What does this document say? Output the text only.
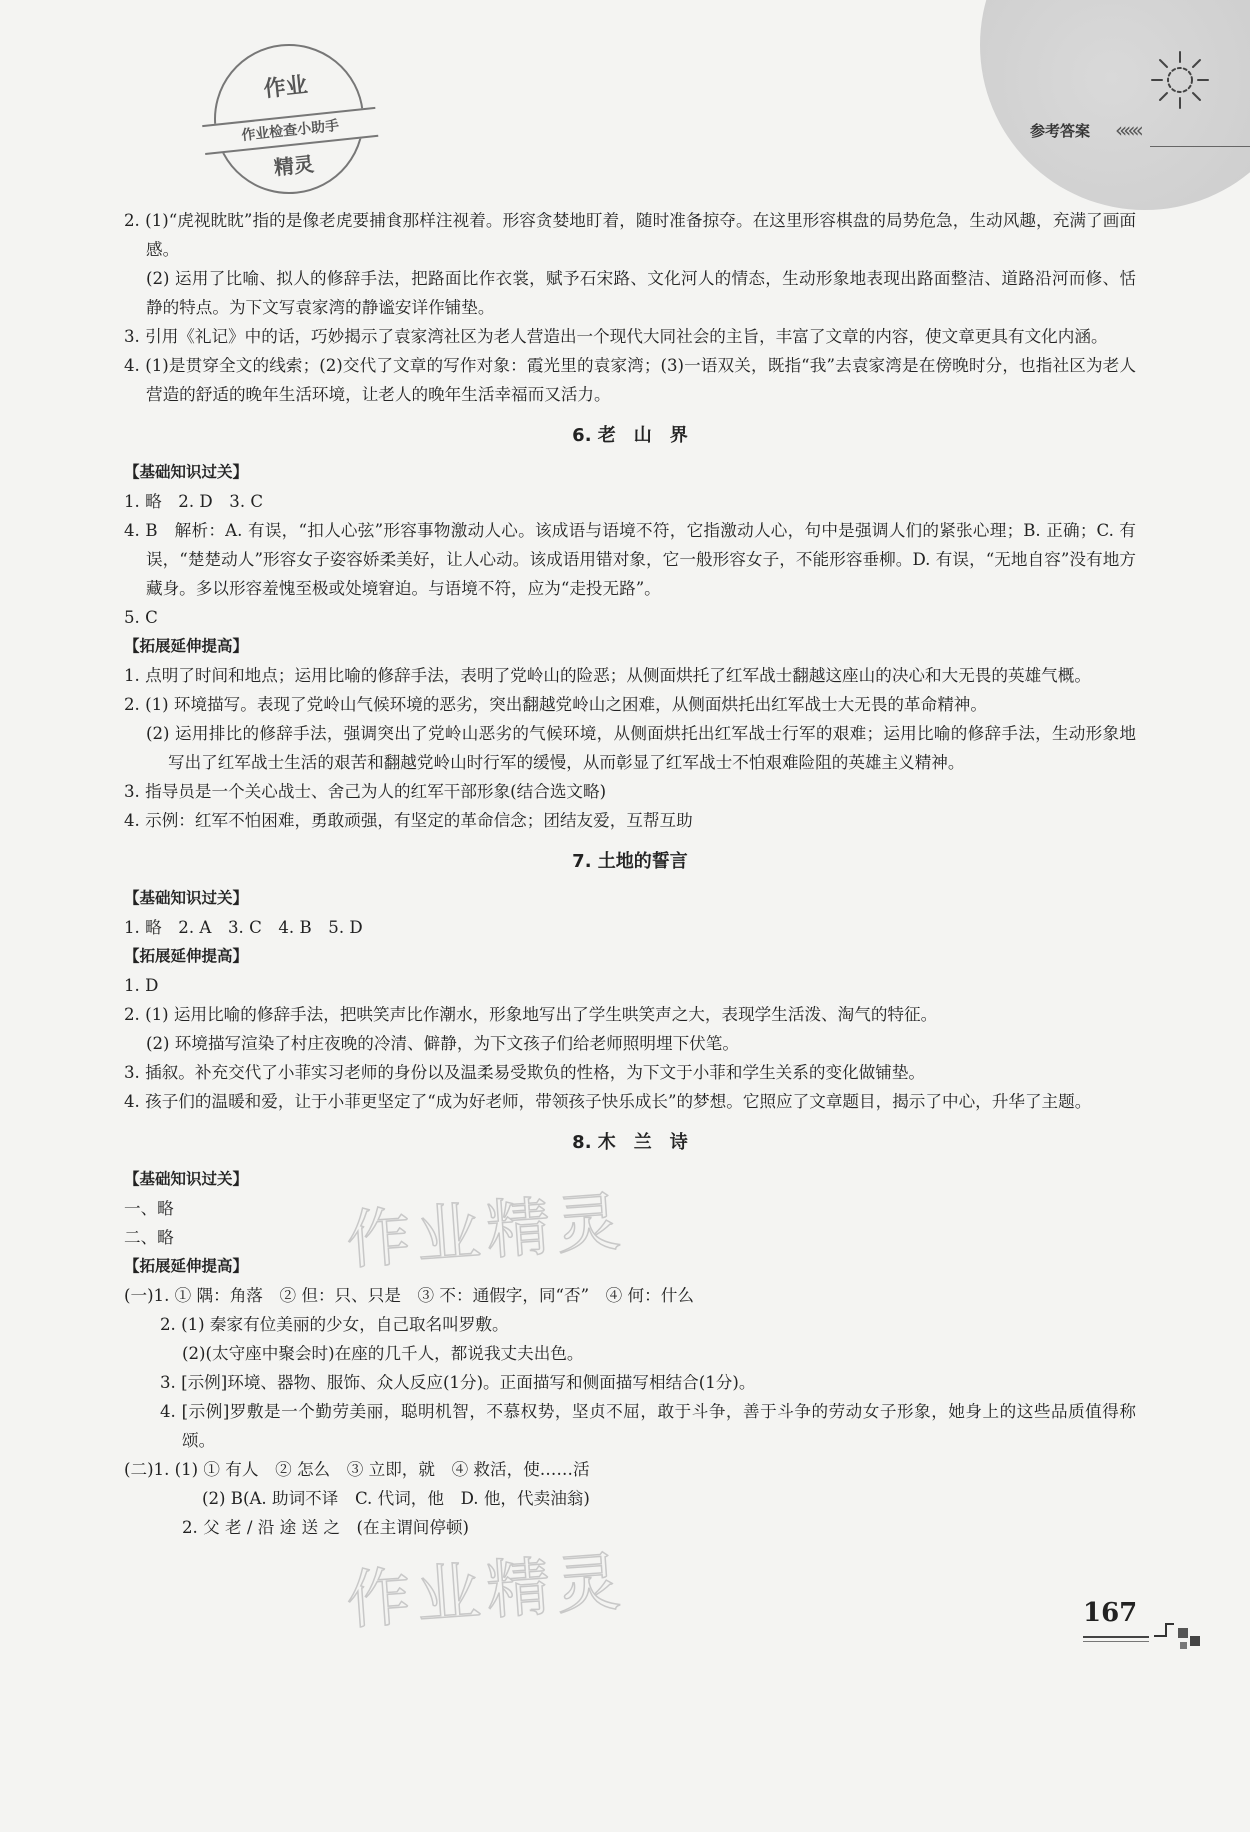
参考答案 «««
作业
作业检查小助手
精灵
2. (1)“虎视眈眈”指的是像老虎要捕食那样注视着。形容贪婪地盯着，随时准备掠夺。在这里形容棋盘的局势危急，生动风趣，充满了画面感。
(2) 运用了比喻、拟人的修辞手法，把路面比作衣裳，赋予石宋路、文化河人的情态，生动形象地表现出路面整洁、道路沿河而修、恬静的特点。为下文写袁家湾的静谧安详作铺垫。
3. 引用《礼记》中的话，巧妙揭示了袁家湾社区为老人营造出一个现代大同社会的主旨，丰富了文章的内容，使文章更具有文化内涵。
4. (1)是贯穿全文的线索；(2)交代了文章的写作对象：霞光里的袁家湾；(3)一语双关，既指“我”去袁家湾是在傍晚时分，也指社区为老人营造的舒适的晚年生活环境，让老人的晚年生活幸福而又活力。
6. 老　山　界
【基础知识过关】
1. 略　2. D　3. C
4. B　解析：A. 有误，“扣人心弦”形容事物激动人心。该成语与语境不符，它指激动人心，句中是强调人们的紧张心理；B. 正确；C. 有误，“楚楚动人”形容女子姿容娇柔美好，让人心动。该成语用错对象，它一般形容女子，不能形容垂柳。D. 有误，“无地自容”没有地方藏身。多以形容羞愧至极或处境窘迫。与语境不符，应为“走投无路”。
5. C
【拓展延伸提高】
1. 点明了时间和地点；运用比喻的修辞手法，表明了党岭山的险恶；从侧面烘托了红军战士翻越这座山的决心和大无畏的英雄气概。
2. (1) 环境描写。表现了党岭山气候环境的恶劣，突出翻越党岭山之困难，从侧面烘托出红军战士大无畏的革命精神。
(2) 运用排比的修辞手法，强调突出了党岭山恶劣的气候环境，从侧面烘托出红军战士行军的艰难；运用比喻的修辞手法，生动形象地写出了红军战士生活的艰苦和翻越党岭山时行军的缓慢，从而彰显了红军战士不怕艰难险阻的英雄主义精神。
3. 指导员是一个关心战士、舍己为人的红军干部形象(结合选文略)
4. 示例：红军不怕困难，勇敢顽强，有坚定的革命信念；团结友爱，互帮互助
7. 土地的誓言
【基础知识过关】
1. 略　2. A　3. C　4. B　5. D
【拓展延伸提高】
1. D
2. (1) 运用比喻的修辞手法，把哄笑声比作潮水，形象地写出了学生哄笑声之大，表现学生活泼、淘气的特征。
(2) 环境描写渲染了村庄夜晚的冷清、僻静，为下文孩子们给老师照明埋下伏笔。
3. 插叙。补充交代了小菲实习老师的身份以及温柔易受欺负的性格，为下文于小菲和学生关系的变化做铺垫。
4. 孩子们的温暖和爱，让于小菲更坚定了“成为好老师，带领孩子快乐成长”的梦想。它照应了文章题目，揭示了中心，升华了主题。
8. 木　兰　诗
【基础知识过关】
一、略
二、略
【拓展延伸提高】
(一)1. ① 隅：角落　② 但：只、只是　③ 不：通假字，同“否”　④ 何：什么
2. (1) 秦家有位美丽的少女，自己取名叫罗敷。
(2)(太守座中聚会时)在座的几千人，都说我丈夫出色。
3. [示例]环境、器物、服饰、众人反应(1分)。正面描写和侧面描写相结合(1分)。
4. [示例]罗敷是一个勤劳美丽，聪明机智，不慕权势，坚贞不屈，敢于斗争，善于斗争的劳动女子形象，她身上的这些品质值得称颂。
(二)1. (1) ① 有人　② 怎么　③ 立即，就　④ 救活，使……活
(2) B(A. 助词不译　C. 代词，他　D. 他，代卖油翁)
2. 父 老 / 沿 途 送 之　(在主谓间停顿)
作业精灵
作业精灵	167
